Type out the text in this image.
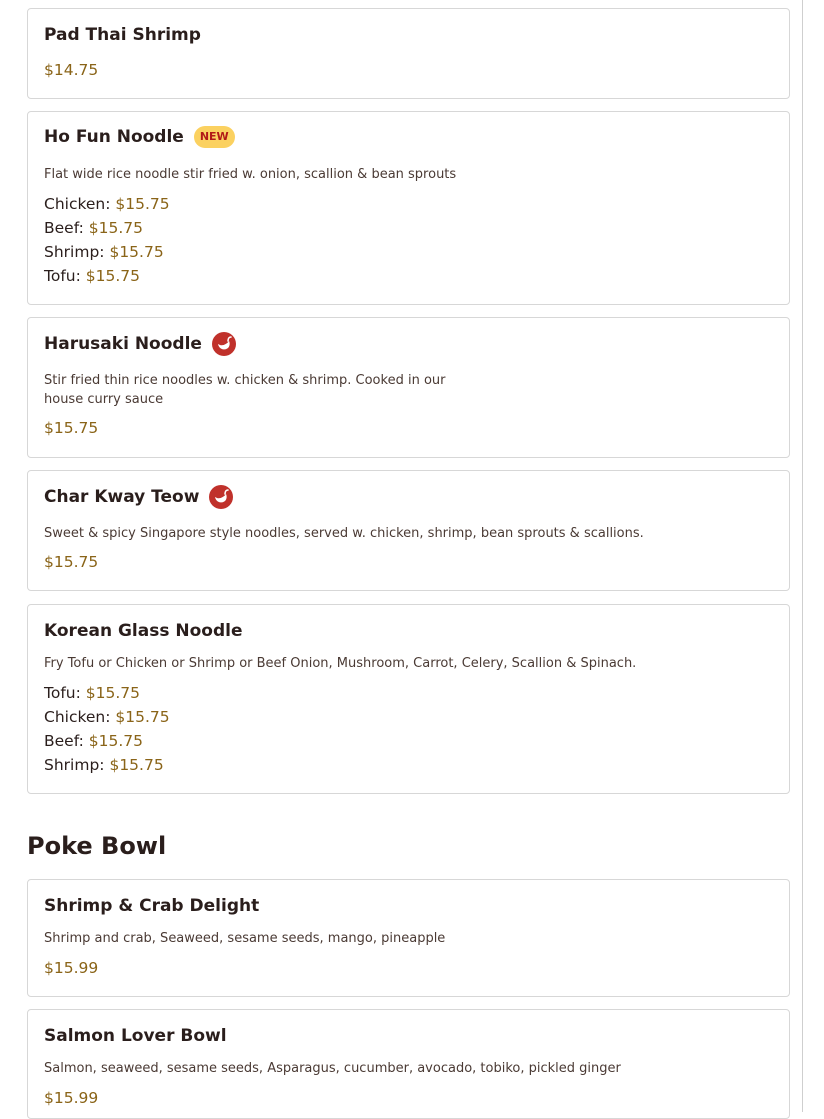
Pad Thai Shrimp
$14.75
Ho Fun Noodle	NEW
Flat wide rice noodle stir fried w. onion, scallion & bean sprouts
Chicken: $15.75
Beef: $15.75
Shrimp: $15.75
Tofu: $15.75
Harusaki Noodle
Stir fried thin rice noodles w. chicken & shrimp. Cooked in our
house curry sauce
$15.75
Char Kway Teow
Sweet & spicy Singapore style noodles, served w. chicken, shrimp, bean sprouts & scallions.
$15.75
Korean Glass Noodle
Fry Tofu or Chicken or Shrimp or Beef Onion, Mushroom, Carrot, Celery, Scallion & Spinach.
Tofu: $15.75
Chicken: $15.75
Beef: $15.75
Shrimp: $15.75
Poke Bowl
Shrimp & Crab Delight
Shrimp and crab, Seaweed, sesame seeds, mango, pineapple
$15.99
Salmon Lover Bowl
Salmon, seaweed, sesame seeds, Asparagus, cucumber, avocado, tobiko, pickled ginger
$15.99
